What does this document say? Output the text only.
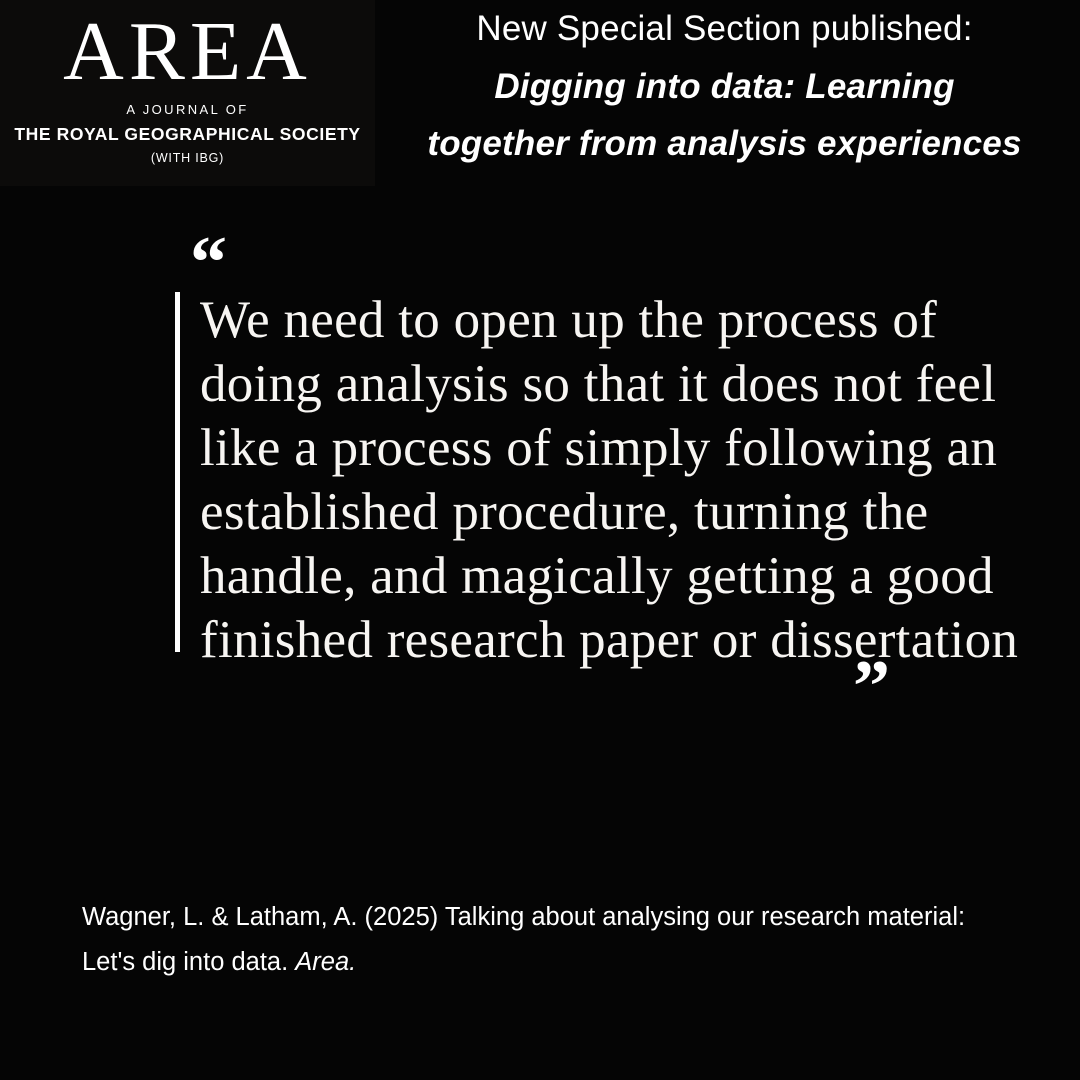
AREA
A JOURNAL OF
THE ROYAL GEOGRAPHICAL SOCIETY
(WITH IBG)
New Special Section published:
Digging into data: Learning
together from analysis experiences
“
We need to open up the process of doing analysis so that it does not feel like a process of simply following an established procedure, turning the handle, and magically getting a good finished research paper or dissertation
”
Wagner, L. & Latham, A. (2025) Talking about analysing our research material: Let's dig into data. Area.
